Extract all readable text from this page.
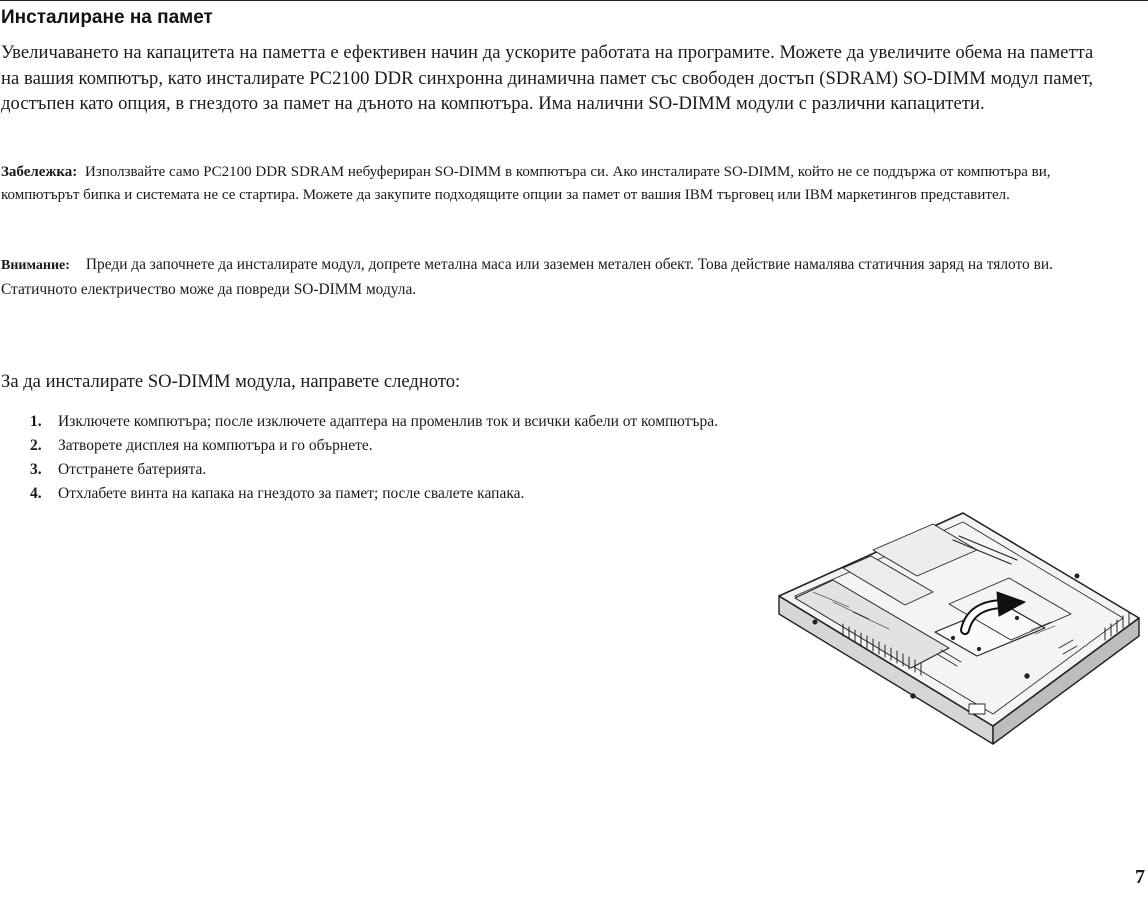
Инсталиране на памет

Увеличаването на капацитета на паметта е ефективен начин да ускорите работата на програмите. Можете да увеличите обема на паметта на вашия компютър, като инсталирате PC2100 DDR синхронна динамична памет със свободен достъп (SDRAM) SO-DIMM модул памет, достъпен като опция, в гнездото за памет на дъното на компютъра. Има налични SO-DIMM модули с различни капацитети.

Забележка: Използвайте само PC2100 DDR SDRAM небуфериран SO-DIMM в компютъра си. Ако инсталирате SO-DIMM, който не се поддържа от компютъра ви, компютърът бипка и системата не се стартира. Можете да закупите подходящите опции за памет от вашия IBM търговец или IBM маркетингов представител.

Внимание: Преди да започнете да инсталирате модул, допрете метална маса или заземен метален обект. Това действие намалява статичния заряд на тялото ви. Статичното електричество може да повреди SO-DIMM модула.

За да инсталирате SO-DIMM модула, направете следното:

1. Изключете компютъра; после изключете адаптера на променлив ток и всички кабели от компютъра.
2. Затворете дисплея на компютъра и го обърнете.
3. Отстранете батерията.
4. Отхлабете винта на капака на гнездото за памет; после свалете капака.
7
